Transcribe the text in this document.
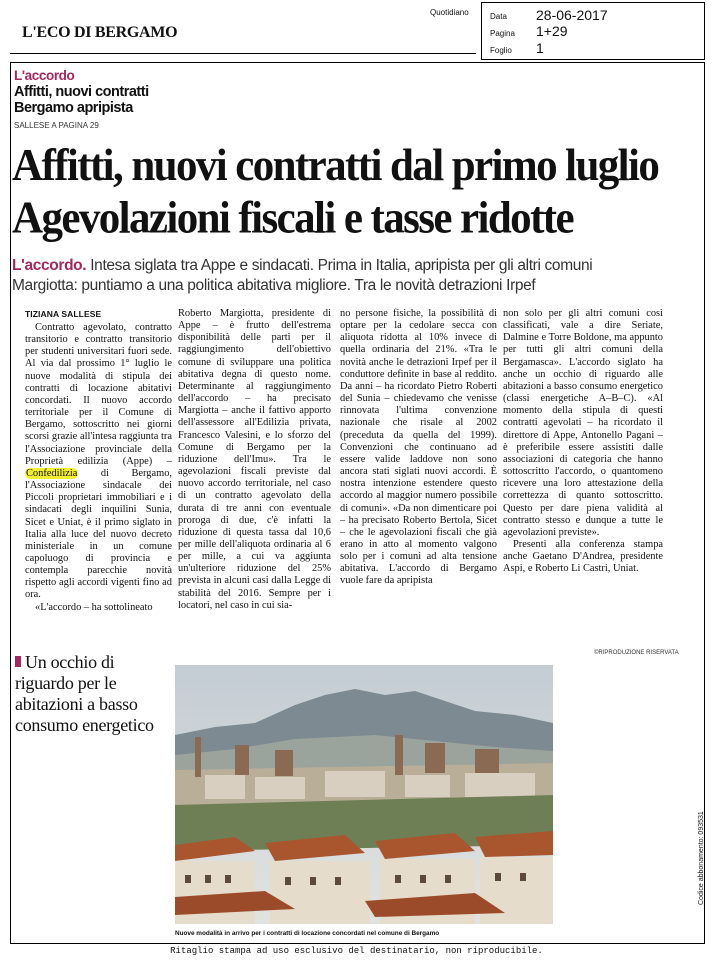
L'ECO DI BERGAMO
Quotidiano	Data 28-06-2017
Pagina 1+29
Foglio 1
L'accordo
Affitti, nuovi contratti
Bergamo apripista
SALLESE A PAGINA 29
Affitti, nuovi contratti dal primo luglio
Agevolazioni fiscali e tasse ridotte
L'accordo. Intesa siglata tra Appe e sindacati. Prima in Italia, apripista per gli altri comuni
Margiotta: puntiamo a una politica abitativa migliore. Tra le novità detrazioni Irpef
TIZIANA SALLESE

Contratto agevolato, contratto transitorio e contratto transitorio per studenti universitari fuori sede. Al via dal prossimo 1° luglio le nuove modalità di stipula dei contratti di locazione abitativi concordati. Il nuovo accordo territoriale per il Comune di Bergamo, sottoscritto nei giorni scorsi grazie all'intesa raggiunta tra l'Associazione provinciale della Proprietà edilizia (Appe) – Confedilizia di Bergamo, l'Associazione sindacale dei Piccoli proprietari immobiliari e i sindacati degli inquilini Sunia, Sicet e Uniat, è il primo siglato in Italia alla luce del nuovo decreto ministeriale in un comune capoluogo di provincia e contempla parecchie novità rispetto agli accordi vigenti fino ad ora.

«L'accordo – ha sottolineato

Roberto Margiotta, presidente di Appe – è frutto dell'estrema disponibilità delle parti per il raggiungimento dell'obiettivo comune di sviluppare una politica abitativa degna di questo nome. Determinante al raggiungimento dell'accordo – ha precisato Margiotta – anche il fattivo apporto dell'assessore all'Edilizia privata, Francesco Valesini, e lo sforzo del Comune di Bergamo per la riduzione dell'Imu». Tra le agevolazioni fiscali previste dal nuovo accordo territoriale, nel caso di un contratto agevolato della durata di tre anni con eventuale proroga di due, c'è infatti la riduzione di questa tassa dal 10,6 per mille dell'aliquota ordinaria al 6 per mille, a cui va aggiunta un'ulteriore riduzione del 25% prevista in alcuni casi dalla Legge di stabilità del 2016. Sempre per i locatori, nel caso in cui sia-

no persone fisiche, la possibilità di optare per la cedolare secca con aliquota ridotta al 10% invece di quella ordinaria del 21%. «Tra le novità anche le detrazioni Irpef per il conduttore definite in base al reddito. Da anni – ha ricordato Pietro Roberti del Sunia – chiedevamo che venisse rinnovata l'ultima convenzione nazionale che risale al 2002 (preceduta da quella del 1999). Convenzioni che continuano ad essere valide laddove non sono ancora stati siglati nuovi accordi. È nostra intenzione estendere questo accordo al maggior numero possibile di comuni». «Da non dimenticare poi – ha precisato Roberto Bertola, Sicet – che le agevolazioni fiscali che già erano in atto al momento valgono solo per i comuni ad alta tensione abitativa. L'accordo di Bergamo vuole fare da apripista

non solo per gli altri comuni così classificati, vale a dire Seriate, Dalmine e Torre Boldone, ma appunto per tutti gli altri comuni della Bergamasca». L'accordo siglato ha anche un occhio di riguardo alle abitazioni a basso consumo energetico (classi energetiche A–B–C). «Al momento della stipula di questi contratti agevolati – ha ricordato il direttore di Appe, Antonello Pagani – è preferibile essere assistiti dalle associazioni di categoria che hanno sottoscritto l'accordo, o quantomeno ricevere una loro attestazione della correttezza di quanto sottoscritto. Questo per dare piena validità al contratto stesso e dunque a tutte le agevolazioni previste».

Presenti alla conferenza stampa anche Gaetano D'Andrea, presidente Aspi, e Roberto Li Castri, Uniat.

©RIPRODUZIONE RISERVATA
Un occhio di riguardo per le abitazioni a basso consumo energetico
Nuove modalità in arrivo per i contratti di locazione concordati nel comune di Bergamo
Ritaglio stampa ad uso esclusivo del destinatario, non riproducibile.
Codice abbonamento: 093531
